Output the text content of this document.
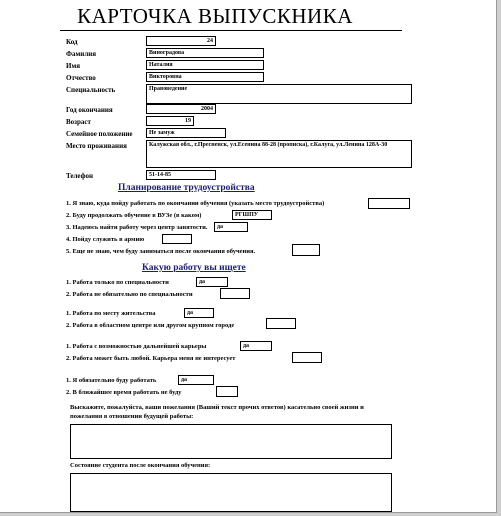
КАРТОЧКА ВЫПУСКНИКА
Код	24
Фамилия	Виноградова
Имя	Наталия
Отчество	Викторовна
Специальность	Правоведение
Год окончания	2004
Возраст	19
Семейное положение	Не замуж
Место проживания	Калужская обл., г.Пресненск, ул.Есенина 88-28 (прописка), г.Калуга, ул.Ленина 128А-30
Телефон	51-14-85
Планирование трудоустройства
1. Я знаю, куда пойду работать по окончании обучения (указать место трудоустройства)
2. Буду продолжать обучение в ВУЗе (в каком)	РГШПУ
3. Надеюсь найти работу через центр занятости.	да
4. Пойду служить в армию
5. Еще не знаю, чем буду заниматься после окончания обучения.
Какую работу вы ищете
1. Работа только по специальности	да
2. Работа не обязательно по специальности
1. Работа по месту жительства	да
2. Работа в областном центре или другом крупном городе
1. Работа с возможностью дальнейшей карьеры	да
2. Работа может быть любой. Карьера меня не интересует
1. Я обязательно буду работать	да
2. В ближайшее время работать не буду
Выскажите, пожалуйста, ваши пожелания (Ваший текст прочих ответов) касательно своей жизни и пожелания в отношении будущей работы:
Состояние студента после окончания обучения:
